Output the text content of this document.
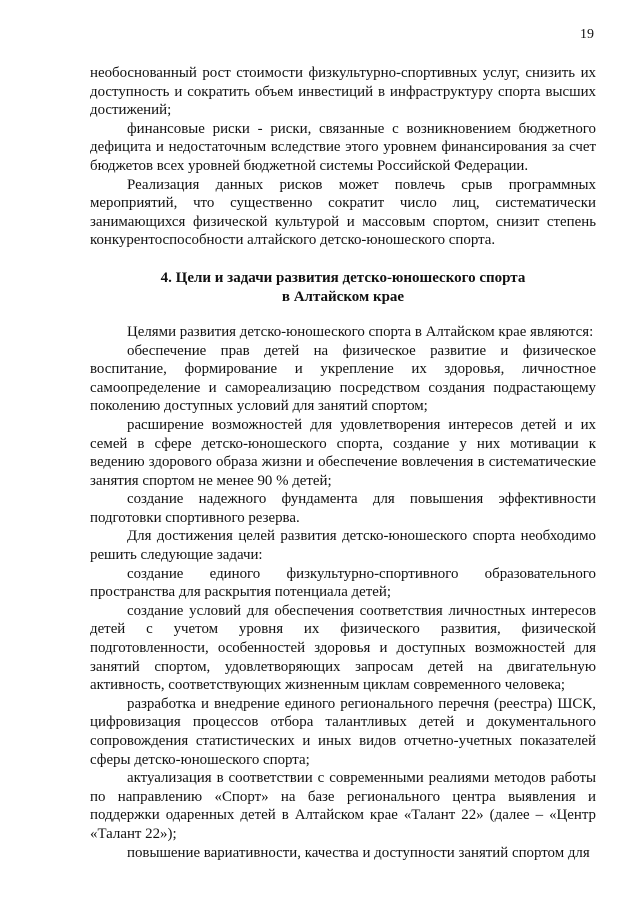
19

необоснованный рост стоимости физкультурно-спортивных услуг, снизить их доступность и сократить объем инвестиций в инфраструктуру спорта высших достижений;

финансовые риски - риски, связанные с возникновением бюджетного дефицита и недостаточным вследствие этого уровнем финансирования за счет бюджетов всех уровней бюджетной системы Российской Федерации.

Реализация данных рисков может повлечь срыв программных мероприятий, что существенно сократит число лиц, систематически занимающихся физической культурой и массовым спортом, снизит степень конкурентоспособности алтайского детско-юношеского спорта.

4. Цели и задачи развития детско-юношеского спорта
в Алтайском крае

Целями развития детско-юношеского спорта в Алтайском крае являются:

обеспечение прав детей на физическое развитие и физическое воспитание, формирование и укрепление их здоровья, личностное самоопределение и самореализацию посредством создания подрастающему поколению доступных условий для занятий спортом;

расширение возможностей для удовлетворения интересов детей и их семей в сфере детско-юношеского спорта, создание у них мотивации к ведению здорового образа жизни и обеспечение вовлечения в систематические занятия спортом не менее 90 % детей;

создание надежного фундамента для повышения эффективности подготовки спортивного резерва.

Для достижения целей развития детско-юношеского спорта необходимо решить следующие задачи:

создание единого физкультурно-спортивного образовательного пространства для раскрытия потенциала детей;

создание условий для обеспечения соответствия личностных интересов детей с учетом уровня их физического развития, физической подготовленности, особенностей здоровья и доступных возможностей для занятий спортом, удовлетворяющих запросам детей на двигательную активность, соответствующих жизненным циклам современного человека;

разработка и внедрение единого регионального перечня (реестра) ШСК, цифровизация процессов отбора талантливых детей и документального сопровождения статистических и иных видов отчетно-учетных показателей сферы детско-юношеского спорта;

актуализация в соответствии с современными реалиями методов работы по направлению «Спорт» на базе регионального центра выявления и поддержки одаренных детей в Алтайском крае «Талант 22» (далее – «Центр «Талант 22»);

повышение вариативности, качества и доступности занятий спортом для
